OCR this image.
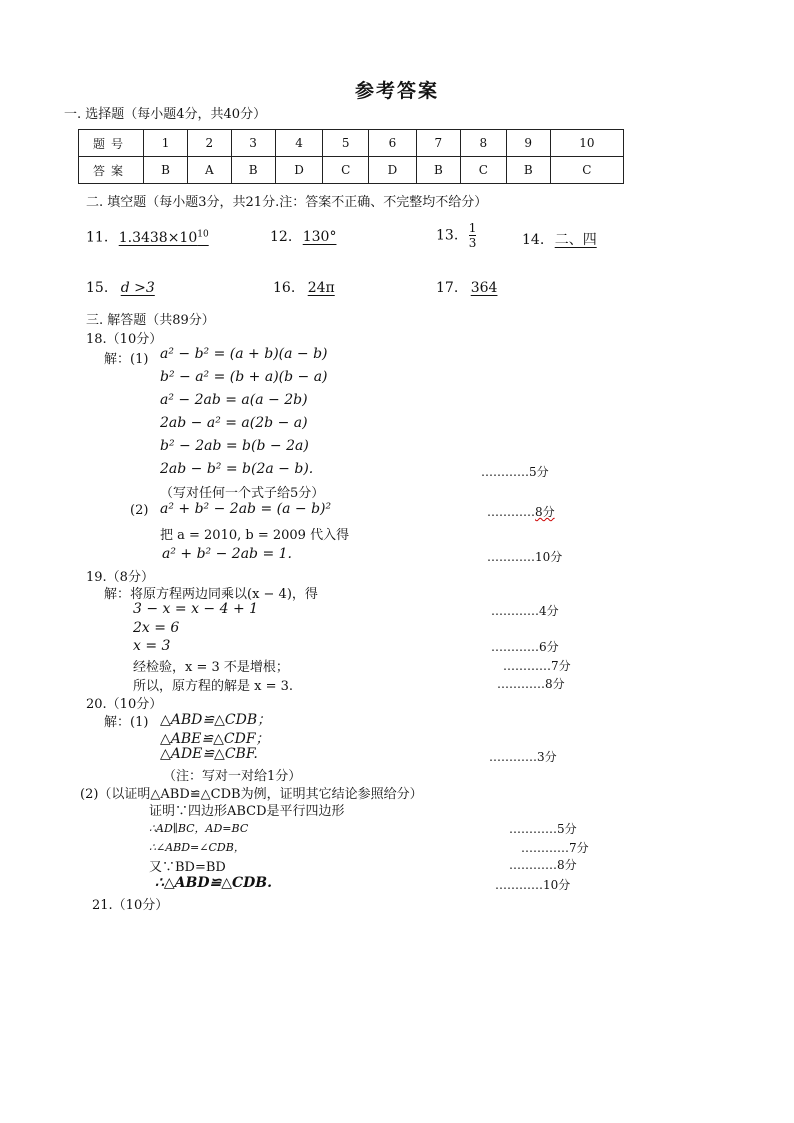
参考答案
一. 选择题（每小题4分，共40分）
题号	1	2	3	4	5	6	7	8	9	10
答案	B	A	B	D	C	D	B	C	B	C
二. 填空题（每小题3分，共21分.注：答案不正确、不完整均不给分）
11. $1.3438\times 10^{10}$	12. 130°	13. $\frac{1}{3}$	14. 二、四
15. d >3	16. 24π	17. 364
三. 解答题（共89分）
18.（10分）
解：(1) a² − b² = (a + b)(a − b)
b² − a² = (b + a)(b − a)
a² − 2ab = a(a − 2b)
2ab − a² = a(2b − a)
b² − 2ab = b(b − 2a)
2ab − b² = b(2a − b).	…………5分
（写对任何一个式子给5分）
(2) a² + b² − 2ab = (a − b)²	…………8分
把 a = 2010, b = 2009 代入得
a² + b² − 2ab = 1.	…………10分
19.（8分）
解：将原方程两边同乘以(x − 4)，得
3 − x = x − 4 + 1	…………4分
2x = 6
x = 3	…………6分
经检验，x = 3 不是增根；	…………7分
所以，原方程的解是 x = 3.	…………8分
20.（10分）
解：(1) △ABD≌△CDB；
△ABE≌△CDF；
△ADE≌△CBF.	…………3分
（注：写对一对给1分）
(2)（以证明△ABD≌△CDB为例，证明其它结论参照给分）
证明∵四边形ABCD是平行四边形
∴AD∥BC，AD=BC	…………5分
∴∠ABD=∠CDB，	…………7分
又∵BD=BD	…………8分
∴△ABD≌△CDB.	…………10分
21.（10分）
